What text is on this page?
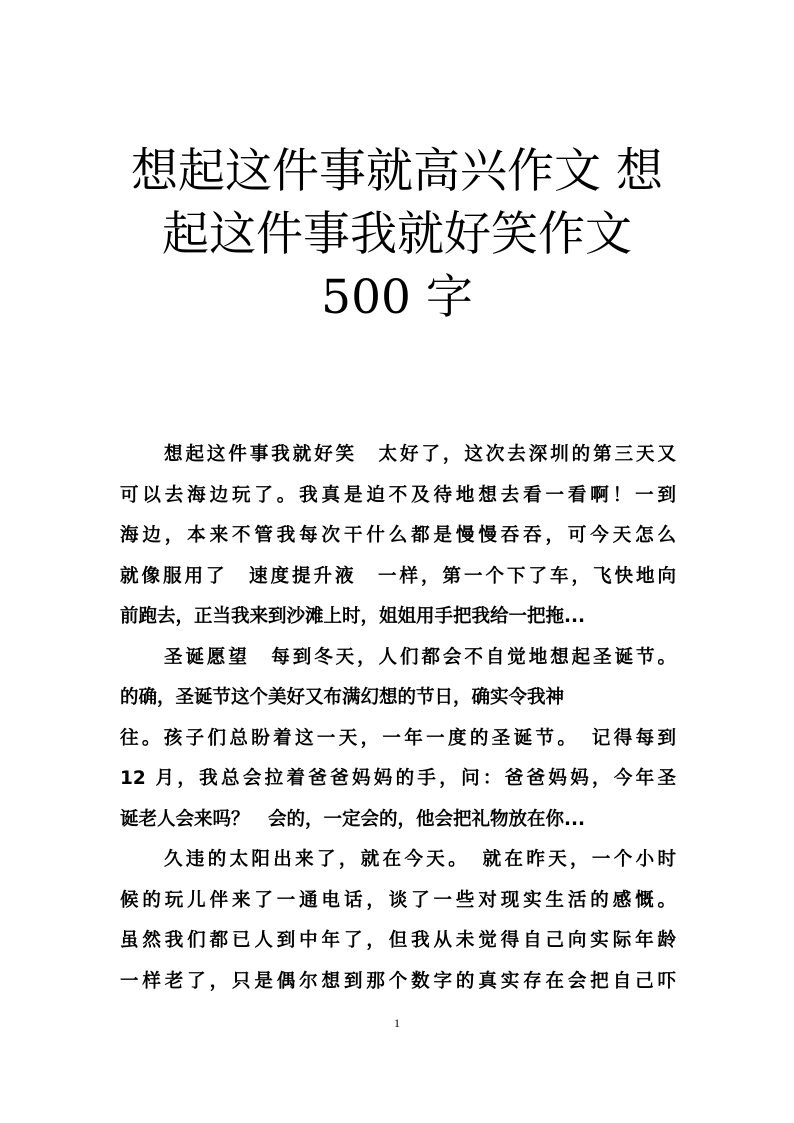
想起这件事就高兴作文 想
起这件事我就好笑作文
500 字
想起这件事我就好笑　太好了，这次去深圳的第三天又
可以去海边玩了。我真是迫不及待地想去看一看啊！一到
海边，本来不管我每次干什么都是慢慢吞吞，可今天怎么
就像服用了　速度提升液　一样，第一个下了车，飞快地向
前跑去，正当我来到沙滩上时，姐姐用手把我给一把拖...
圣诞愿望　每到冬天，人们都会不自觉地想起圣诞节。
的确，圣诞节这个美好又布满幻想的节日，确实令我神
往。孩子们总盼着这一天，一年一度的圣诞节。　记得每到
12 月，我总会拉着爸爸妈妈的手，问：爸爸妈妈，今年圣
诞老人会来吗？　会的，一定会的，他会把礼物放在你...
久违的太阳出来了，就在今天。　就在昨天，一个小时
候的玩儿伴来了一通电话，谈了一些对现实生活的感慨。
虽然我们都已人到中年了，但我从未觉得自己向实际年龄
一样老了，只是偶尔想到那个数字的真实存在会把自己吓
1
